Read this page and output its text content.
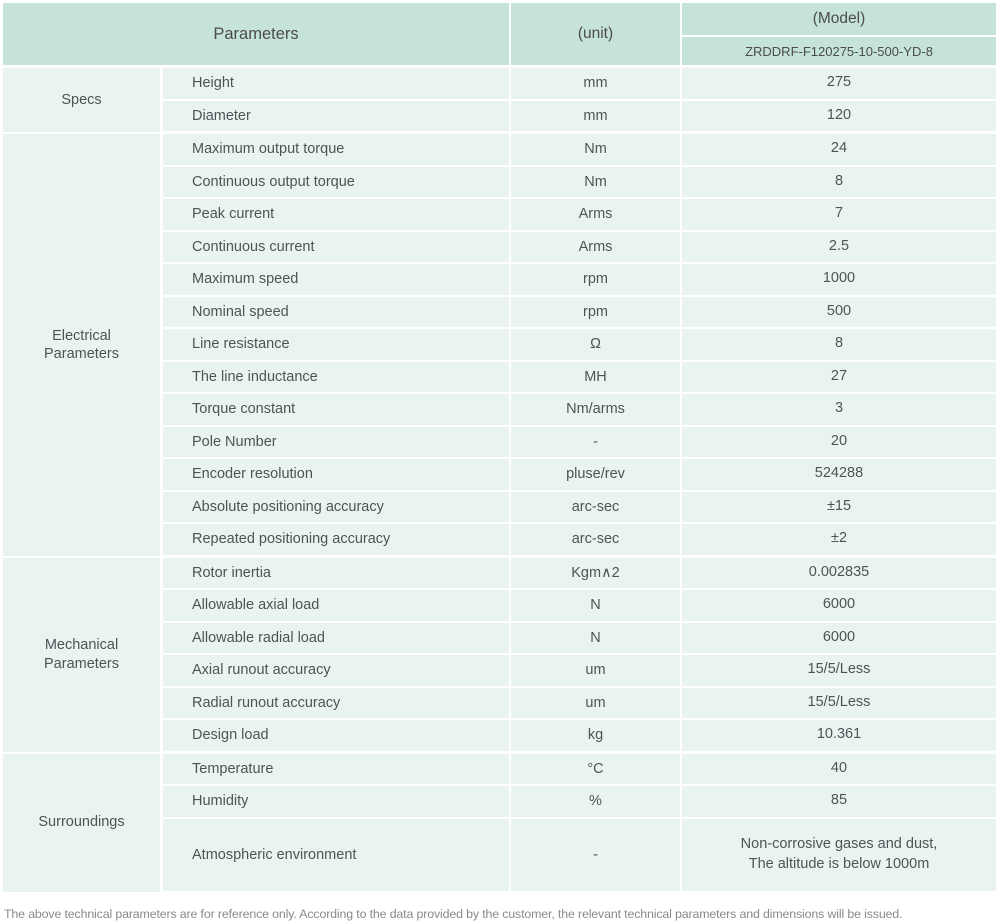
Parameters		(unit)	(Model)
			ZRDDRF-F120275-10-500-YD-8
Specs	Height	mm	275
	Diameter	mm	120
Electrical Parameters	Maximum output torque	Nm	24
	Continuous output torque	Nm	8
	Peak current	Arms	7
	Continuous current	Arms	2.5
	Maximum speed	rpm	1000
	Nominal speed	rpm	500
	Line resistance	Ω	8
	The line inductance	MH	27
	Torque constant	Nm/arms	3
	Pole Number	-	20
	Encoder resolution	pluse/rev	524288
	Absolute positioning accuracy	arc-sec	±15
	Repeated positioning accuracy	arc-sec	±2
Mechanical Parameters	Rotor inertia	Kgm∧2	0.002835
	Allowable axial load	N	6000
	Allowable radial load	N	6000
	Axial runout accuracy	um	15/5/Less
	Radial runout accuracy	um	15/5/Less
	Design load	kg	10.361
Surroundings	Temperature	°C	40
	Humidity	%	85
	Atmospheric environment	-	Non-corrosive gases and dust,
The altitude is below 1000m
The above technical parameters are for reference only. According to the data provided by the customer, the relevant technical parameters and dimensions will be issued.
